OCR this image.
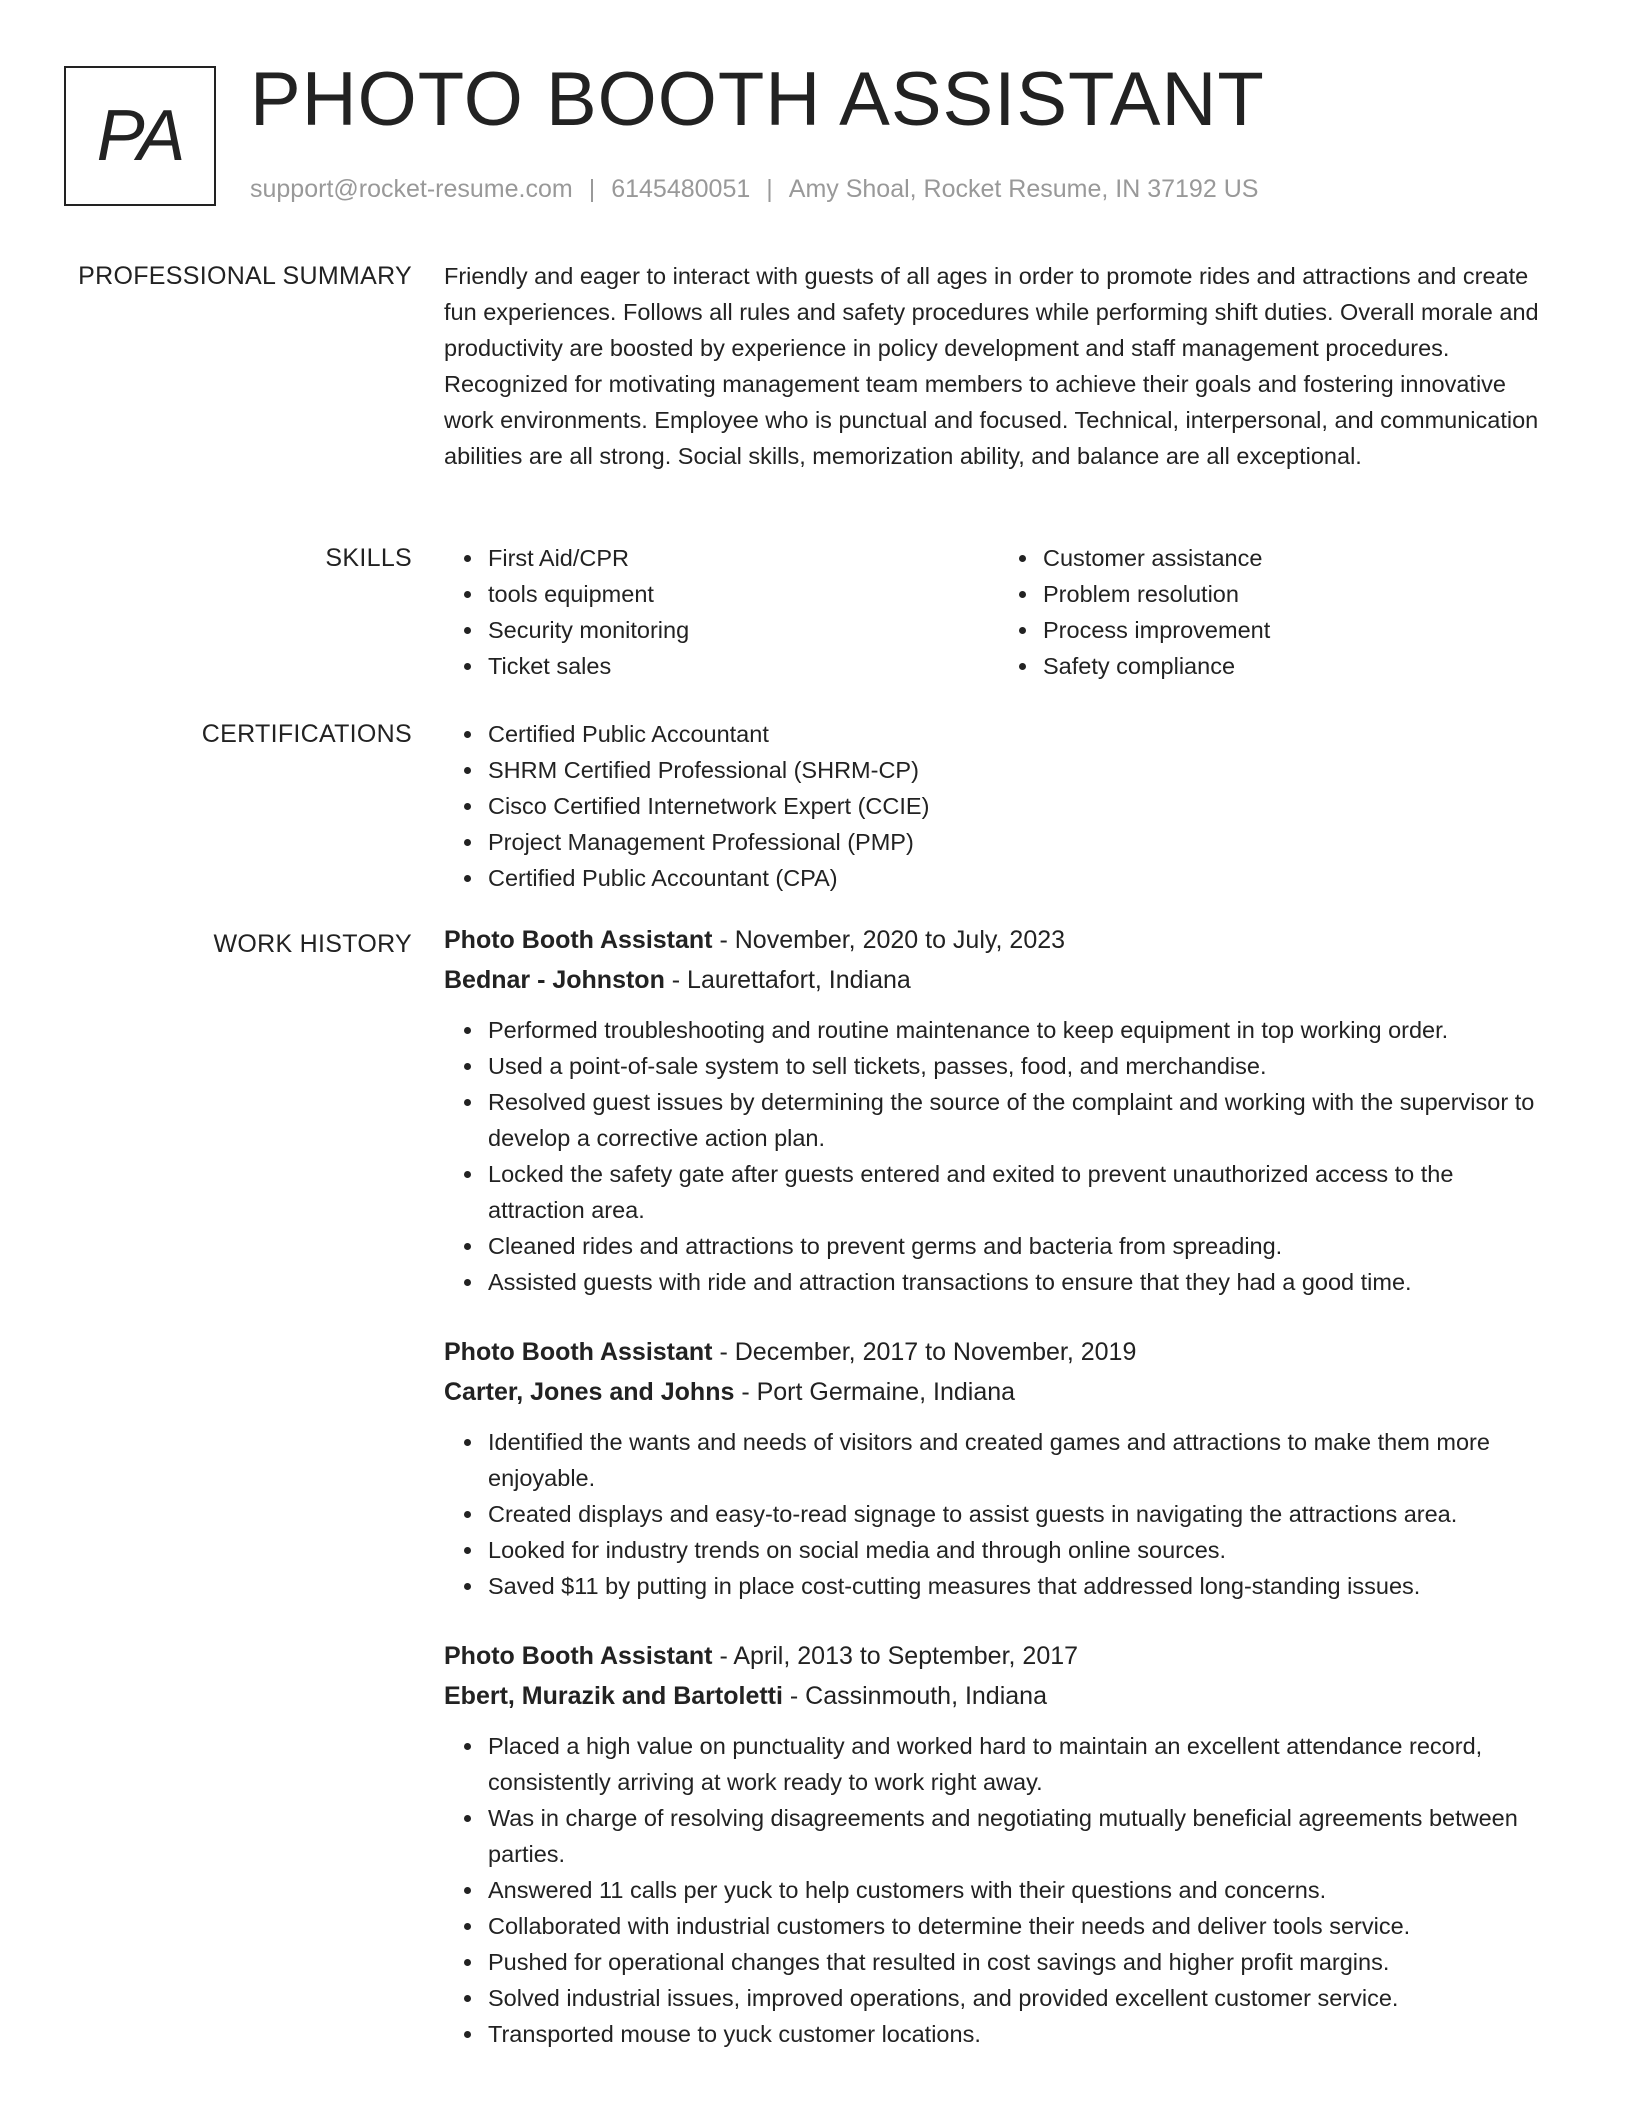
PA PHOTO BOOTH ASSISTANT
support@rocket-resume.com | 6145480051 | Amy Shoal, Rocket Resume, IN 37192 US
PROFESSIONAL SUMMARY Friendly and eager to interact with guests of all ages in order to promote rides and attractions and create fun experiences. Follows all rules and safety procedures while performing shift duties. Overall morale and productivity are boosted by experience in policy development and staff management procedures. Recognized for motivating management team members to achieve their goals and fostering innovative work environments. Employee who is punctual and focused. Technical, interpersonal, and communication abilities are all strong. Social skills, memorization ability, and balance are all exceptional.

SKILLS	First Aid/CPR
tools equipment
Security monitoring
Ticket sales
Customer assistance
Problem resolution
Process improvement
Safety compliance
CERTIFICATIONS	Certified Public Accountant
SHRM Certified Professional (SHRM-CP)
Cisco Certified Internetwork Expert (CCIE)
Project Management Professional (PMP)
Certified Public Accountant (CPA)
WORK HISTORY Photo Booth Assistant - November, 2020 to July, 2023
Bednar - Johnston - Laurettafort, Indiana
Performed troubleshooting and routine maintenance to keep equipment in top working order.
Used a point-of-sale system to sell tickets, passes, food, and merchandise.
Resolved guest issues by determining the source of the complaint and working with the supervisor to develop a corrective action plan.
Locked the safety gate after guests entered and exited to prevent unauthorized access to the attraction area.
Cleaned rides and attractions to prevent germs and bacteria from spreading.
Assisted guests with ride and attraction transactions to ensure that they had a good time.
Photo Booth Assistant - December, 2017 to November, 2019
Carter, Jones and Johns - Port Germaine, Indiana
Identified the wants and needs of visitors and created games and attractions to make them more enjoyable.
Created displays and easy-to-read signage to assist guests in navigating the attractions area.
Looked for industry trends on social media and through online sources.
Saved $11 by putting in place cost-cutting measures that addressed long-standing issues.
Photo Booth Assistant - April, 2013 to September, 2017
Ebert, Murazik and Bartoletti - Cassinmouth, Indiana
Placed a high value on punctuality and worked hard to maintain an excellent attendance record, consistently arriving at work ready to work right away.
Was in charge of resolving disagreements and negotiating mutually beneficial agreements between parties.
Answered 11 calls per yuck to help customers with their questions and concerns.
Collaborated with industrial customers to determine their needs and deliver tools service.
Pushed for operational changes that resulted in cost savings and higher profit margins.
Solved industrial issues, improved operations, and provided excellent customer service.
Transported mouse to yuck customer locations.
